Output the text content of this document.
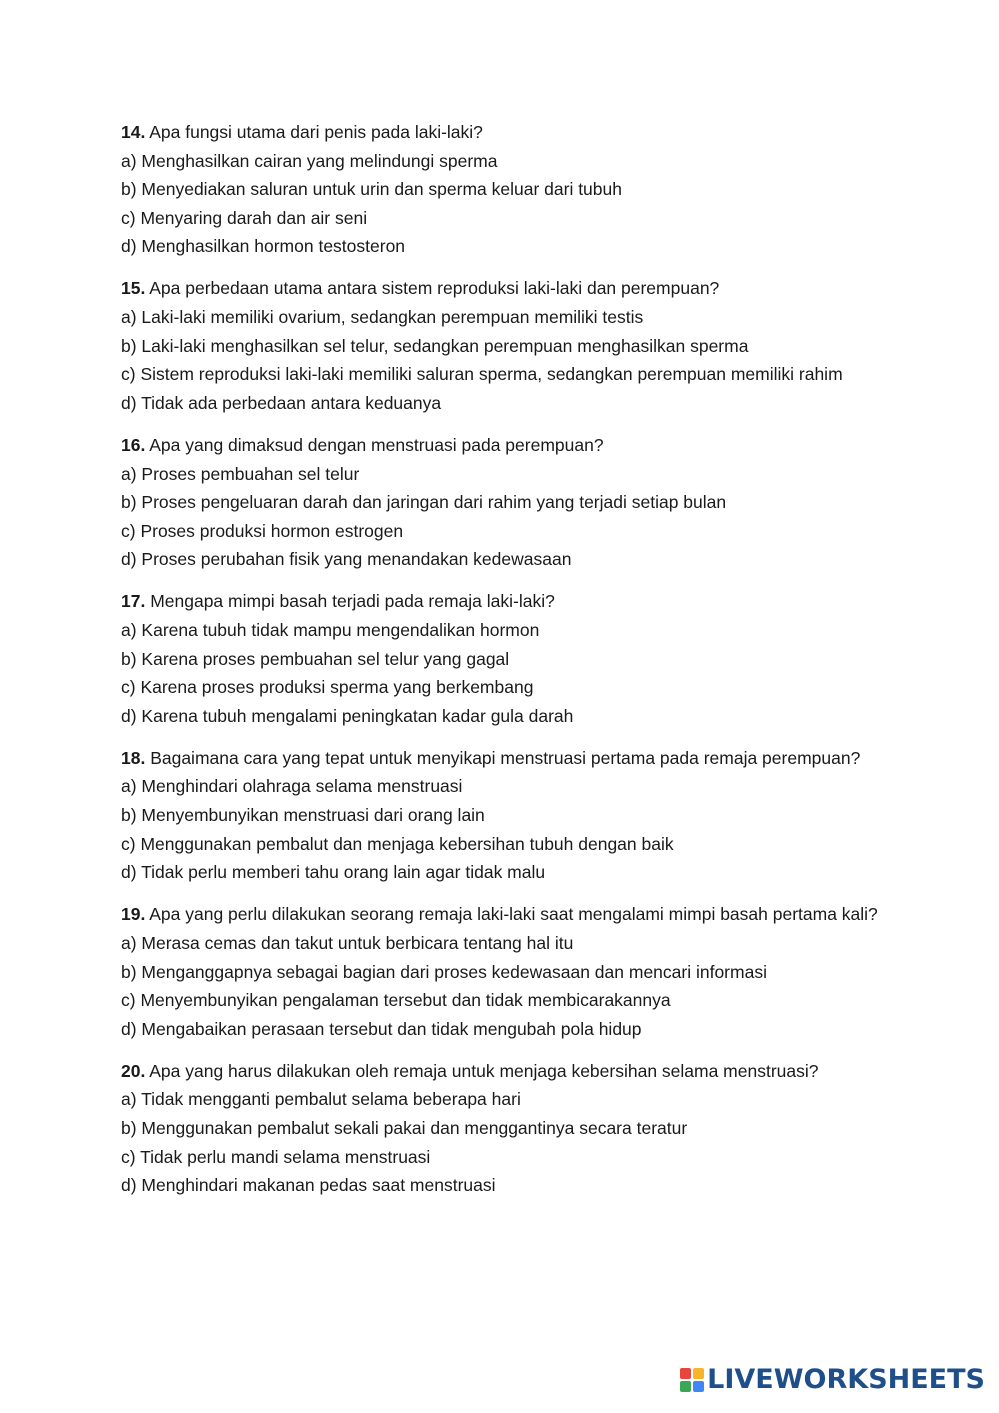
14. Apa fungsi utama dari penis pada laki-laki?
a) Menghasilkan cairan yang melindungi sperma
b) Menyediakan saluran untuk urin dan sperma keluar dari tubuh
c) Menyaring darah dan air seni
d) Menghasilkan hormon testosteron
15. Apa perbedaan utama antara sistem reproduksi laki-laki dan perempuan?
a) Laki-laki memiliki ovarium, sedangkan perempuan memiliki testis
b) Laki-laki menghasilkan sel telur, sedangkan perempuan menghasilkan sperma
c) Sistem reproduksi laki-laki memiliki saluran sperma, sedangkan perempuan memiliki rahim
d) Tidak ada perbedaan antara keduanya
16. Apa yang dimaksud dengan menstruasi pada perempuan?
a) Proses pembuahan sel telur
b) Proses pengeluaran darah dan jaringan dari rahim yang terjadi setiap bulan
c) Proses produksi hormon estrogen
d) Proses perubahan fisik yang menandakan kedewasaan
17. Mengapa mimpi basah terjadi pada remaja laki-laki?
a) Karena tubuh tidak mampu mengendalikan hormon
b) Karena proses pembuahan sel telur yang gagal
c) Karena proses produksi sperma yang berkembang
d) Karena tubuh mengalami peningkatan kadar gula darah
18. Bagaimana cara yang tepat untuk menyikapi menstruasi pertama pada remaja perempuan?
a) Menghindari olahraga selama menstruasi
b) Menyembunyikan menstruasi dari orang lain
c) Menggunakan pembalut dan menjaga kebersihan tubuh dengan baik
d) Tidak perlu memberi tahu orang lain agar tidak malu
19. Apa yang perlu dilakukan seorang remaja laki-laki saat mengalami mimpi basah pertama kali?
a) Merasa cemas dan takut untuk berbicara tentang hal itu
b) Menganggapnya sebagai bagian dari proses kedewasaan dan mencari informasi
c) Menyembunyikan pengalaman tersebut dan tidak membicarakannya
d) Mengabaikan perasaan tersebut dan tidak mengubah pola hidup
20. Apa yang harus dilakukan oleh remaja untuk menjaga kebersihan selama menstruasi?
a) Tidak mengganti pembalut selama beberapa hari
b) Menggunakan pembalut sekali pakai dan menggantinya secara teratur
c) Tidak perlu mandi selama menstruasi
d) Menghindari makanan pedas saat menstruasi
LIVEWORKSHEETS
